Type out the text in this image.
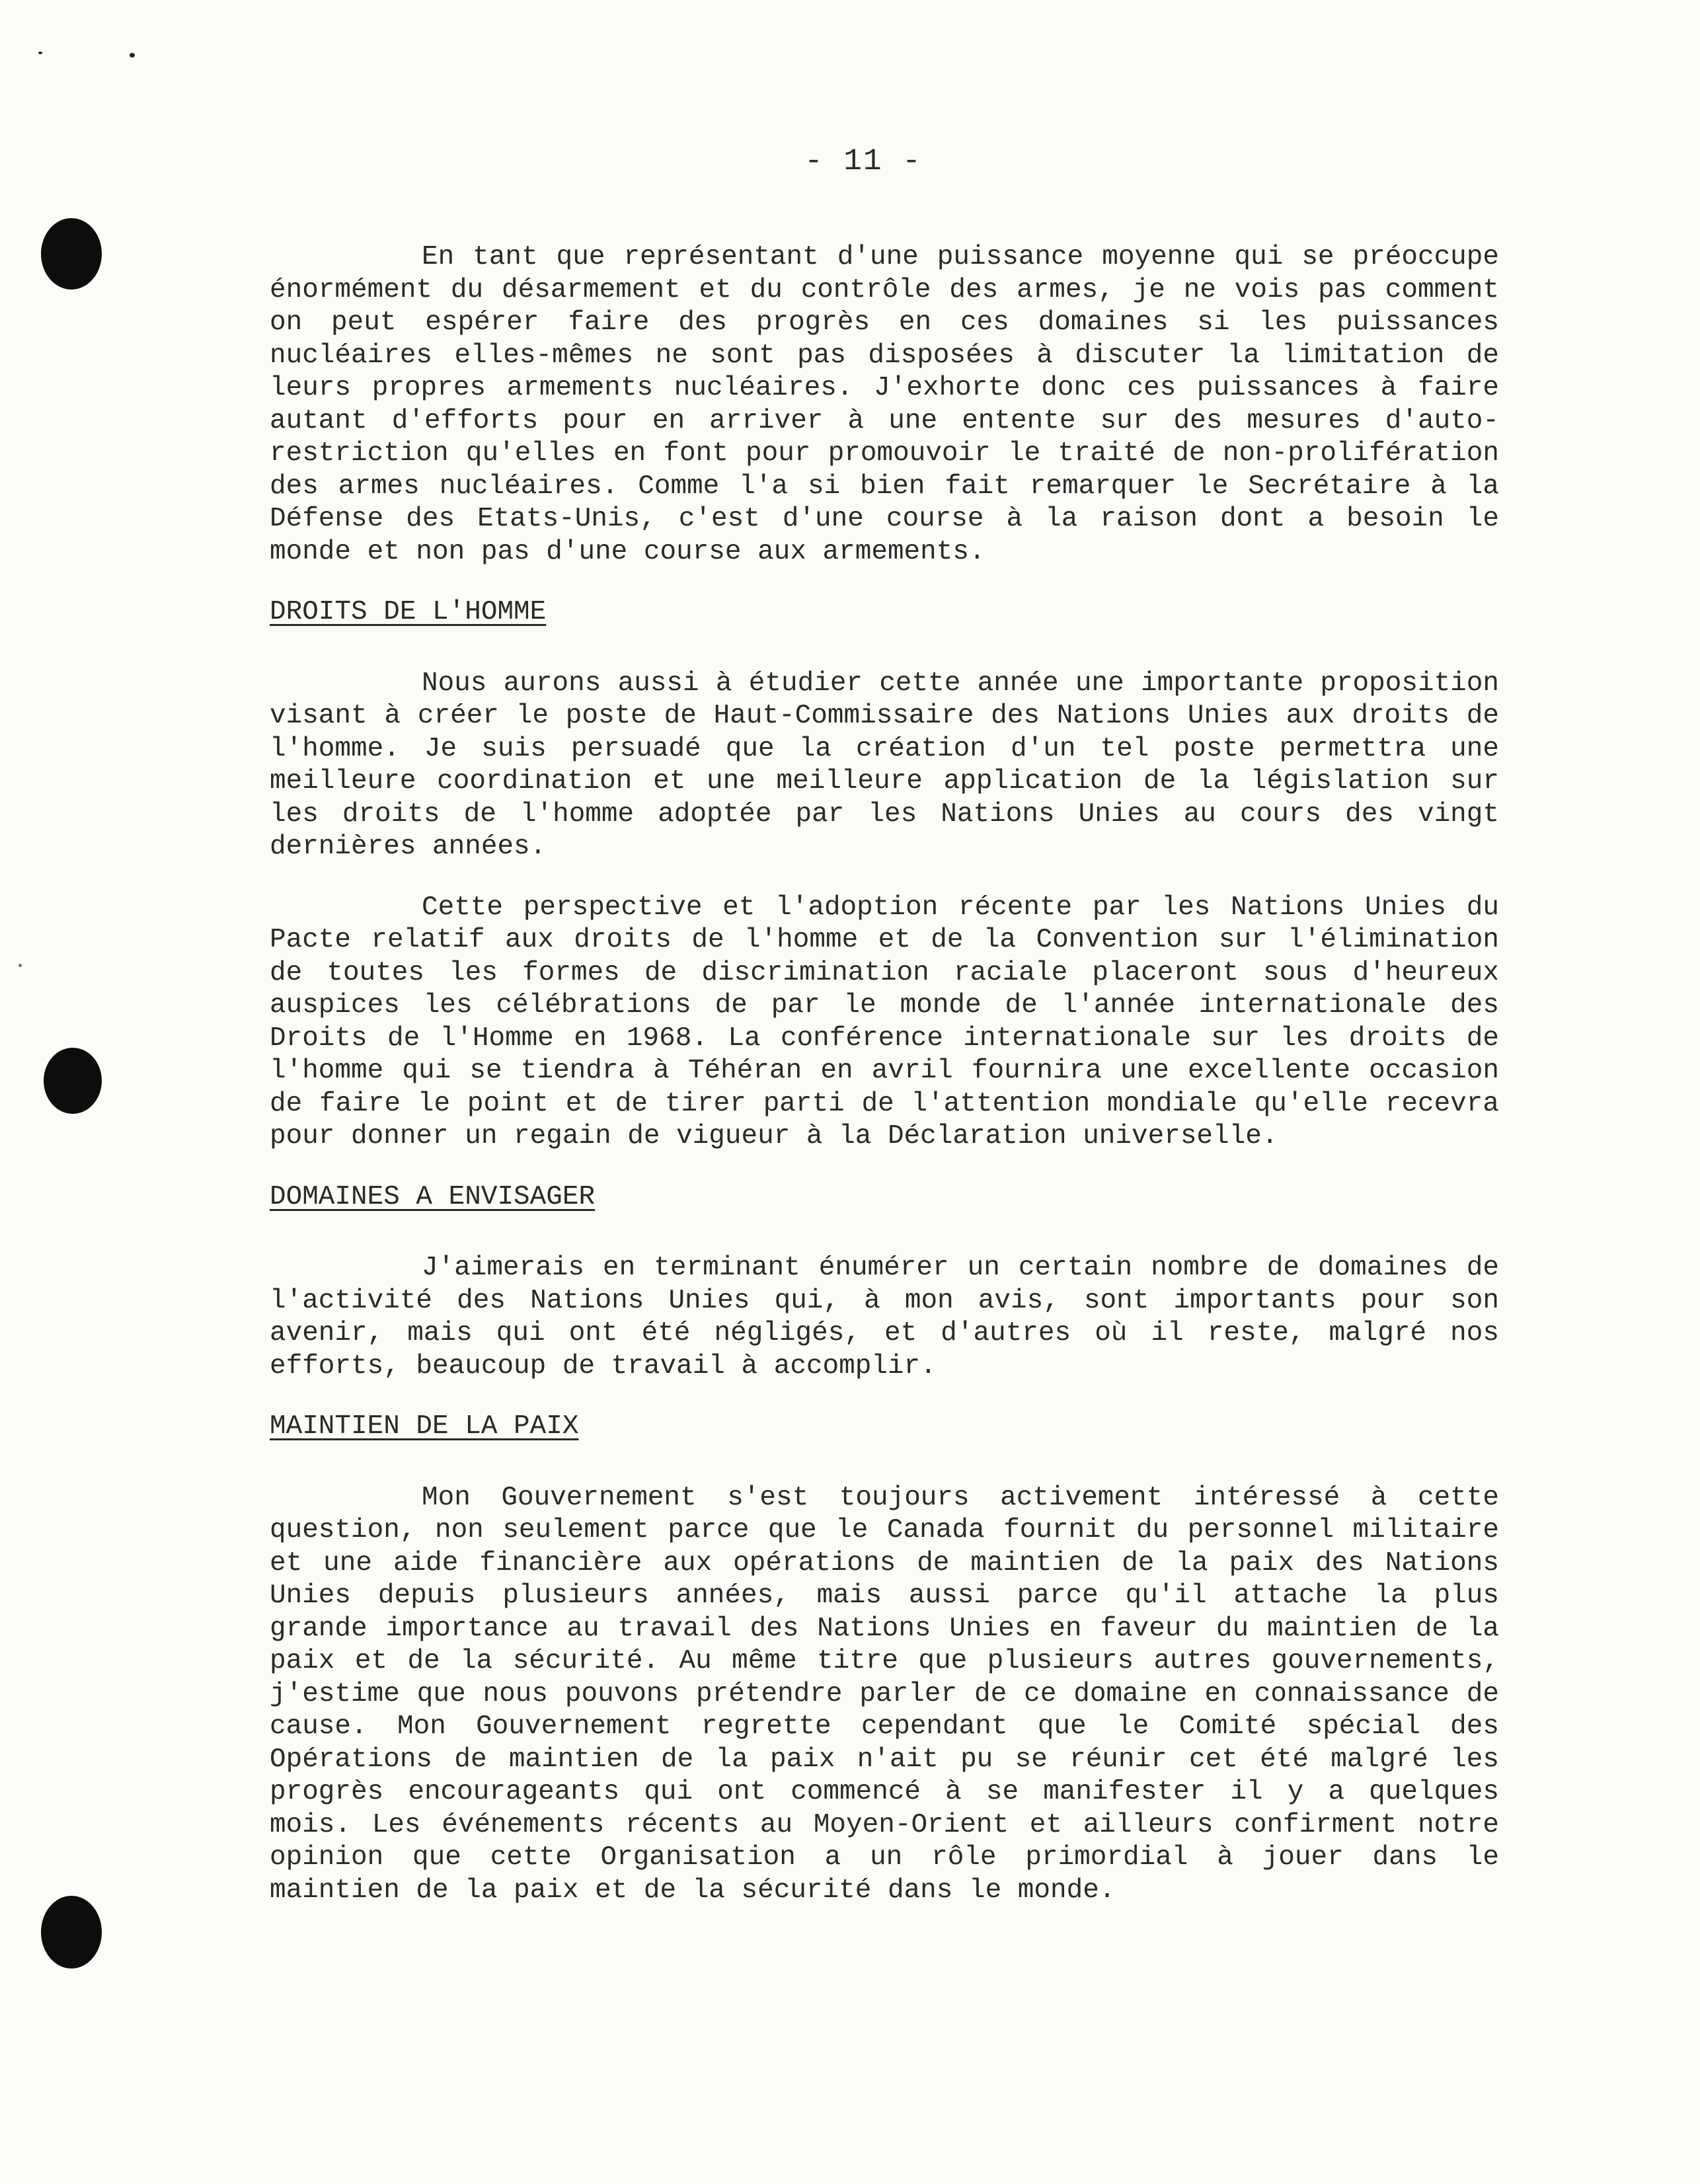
- 11 -

En tant que représentant d'une puissance moyenne qui se préoccupe énormément du désarmement et du contrôle des armes, je ne vois pas comment on peut espérer faire des progrès en ces domaines si les puissances nucléaires elles-mêmes ne sont pas disposées à discuter la limitation de leurs propres armements nucléaires. J'exhorte donc ces puissances à faire autant d'efforts pour en arriver à une entente sur des mesures d'auto-restriction qu'elles en font pour promouvoir le traité de non-prolifération des armes nucléaires. Comme l'a si bien fait remarquer le Secrétaire à la Défense des Etats-Unis, c'est d'une course à la raison dont a besoin le monde et non pas d'une course aux armements.

DROITS DE L'HOMME

Nous aurons aussi à étudier cette année une importante proposition visant à créer le poste de Haut-Commissaire des Nations Unies aux droits de l'homme. Je suis persuadé que la création d'un tel poste permettra une meilleure coordination et une meilleure application de la législation sur les droits de l'homme adoptée par les Nations Unies au cours des vingt dernières années.

Cette perspective et l'adoption récente par les Nations Unies du Pacte relatif aux droits de l'homme et de la Convention sur l'élimination de toutes les formes de discrimination raciale placeront sous d'heureux auspices les célébrations de par le monde de l'année internationale des Droits de l'Homme en 1968. La conférence internationale sur les droits de l'homme qui se tiendra à Téhéran en avril fournira une excellente occasion de faire le point et de tirer parti de l'attention mondiale qu'elle recevra pour donner un regain de vigueur à la Déclaration universelle.

DOMAINES A ENVISAGER

J'aimerais en terminant énumérer un certain nombre de domaines de l'activité des Nations Unies qui, à mon avis, sont importants pour son avenir, mais qui ont été négligés, et d'autres où il reste, malgré nos efforts, beaucoup de travail à accomplir.

MAINTIEN DE LA PAIX

Mon Gouvernement s'est toujours activement intéressé à cette question, non seulement parce que le Canada fournit du personnel militaire et une aide financière aux opérations de maintien de la paix des Nations Unies depuis plusieurs années, mais aussi parce qu'il attache la plus grande importance au travail des Nations Unies en faveur du maintien de la paix et de la sécurité. Au même titre que plusieurs autres gouvernements, j'estime que nous pouvons prétendre parler de ce domaine en connaissance de cause. Mon Gouvernement regrette cependant que le Comité spécial des Opérations de maintien de la paix n'ait pu se réunir cet été malgré les progrès encourageants qui ont commencé à se manifester il y a quelques mois. Les événements récents au Moyen-Orient et ailleurs confirment notre opinion que cette Organisation a un rôle primordial à jouer dans le maintien de la paix et de la sécurité dans le monde.
